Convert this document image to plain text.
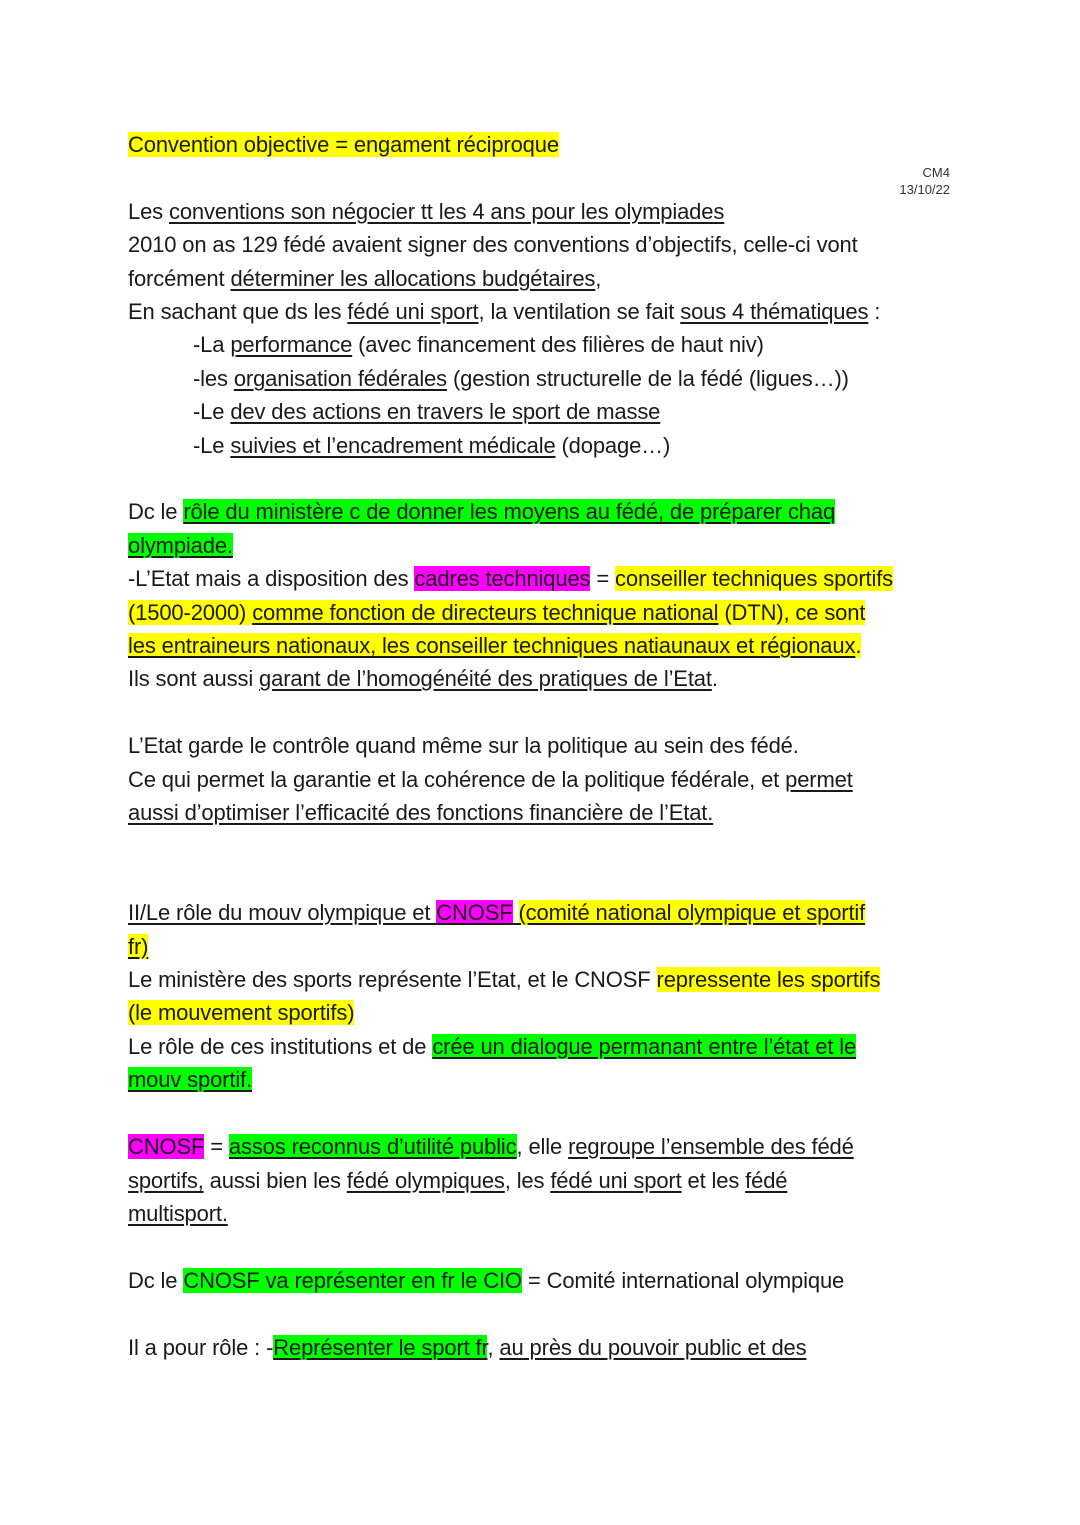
CM4
13/10/22
Convention objective = engament réciproque
Les conventions son négocier tt les 4 ans pour les olympiades
2010 on as 129 fédé avaient signer des conventions d’objectifs, celle-ci vont
forcément déterminer les allocations budgétaires,
En sachant que ds les fédé uni sport, la ventilation se fait sous 4 thématiques :
-La performance (avec financement des filières de haut niv)
-les organisation fédérales (gestion structurelle de la fédé (ligues…))
-Le dev des actions en travers le sport de masse
-Le suivies et l’encadrement médicale (dopage…)
Dc le rôle du ministère c de donner les moyens au fédé, de préparer chaq
olympiade.
-L’Etat mais a disposition des cadres techniques = conseiller techniques sportifs
(1500-2000) comme fonction de directeurs technique national (DTN), ce sont
les entraineurs nationaux, les conseiller techniques natiaunaux et régionaux.
Ils sont aussi garant de l’homogénéité des pratiques de l’Etat.
L’Etat garde le contrôle quand même sur la politique au sein des fédé.
Ce qui permet la garantie et la cohérence de la politique fédérale, et permet
aussi d’optimiser l’efficacité des fonctions financière de l’Etat.
II/Le rôle du mouv olympique et CNOSF (comité national olympique et sportif
fr)
Le ministère des sports représente l’Etat, et le CNOSF repressente les sportifs
(le mouvement sportifs)
Le rôle de ces institutions et de crée un dialogue permanant entre l’état et le
mouv sportif.
CNOSF = assos reconnus d’utilité public, elle regroupe l’ensemble des fédé
sportifs, aussi bien les fédé olympiques, les fédé uni sport et les fédé
multisport.
Dc le CNOSF va représenter en fr le CIO = Comité international olympique
Il a pour rôle : -Représenter le sport fr, au près du pouvoir public et des
